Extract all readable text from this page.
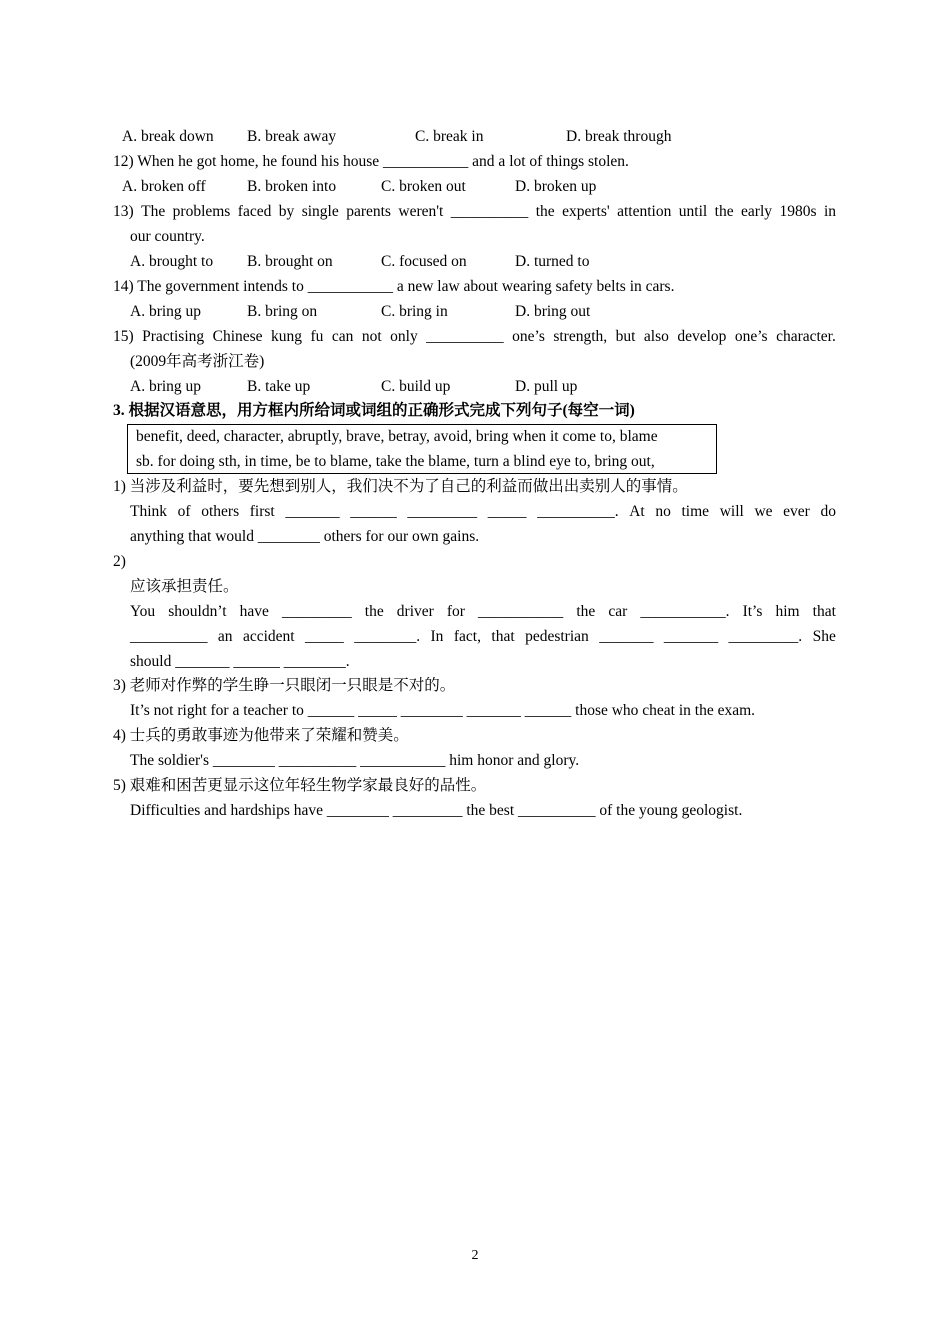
A. break down B. break away	C. break in	D. break through
12) When he got home, he found his house ___________ and a lot of things stolen.
A. broken off	B. broken into	C. broken out	D. broken up
13) The problems faced by single parents weren't __________ the experts' attention until the early 1980s in
our country.
A. brought to B. brought on	C. focused on	D. turned to
14) The government intends to ___________ a new law about wearing safety belts in cars.
A. bring up	B. bring on	C. bring in	D. bring out
15) Practising Chinese kung fu can not only __________ one’s strength, but also develop one’s character.
(2009年高考浙江卷)
A. bring up	B. take up	C. build up	D. pull up
3. 根据汉语意思，用方框内所给词或词组的正确形式完成下列句子(每空一词)
benefit, deed, character, abruptly, brave, betray, avoid, bring when it come to, blame
sb. for doing sth, in time, be to blame, take the blame, turn a blind eye to, bring out,
1) 当涉及利益时，要先想到别人，我们决不为了自己的利益而做出出卖别人的事情。
Think of others first _______ ______ _________ _____ __________. At no time will we ever do
anything that would ________ others for our own gains.
2)
应该承担责任。
You shouldn’t have _________ the driver for ___________ the car ___________. It’s him that
__________ an accident _____ ________. In fact, that pedestrian _______ _______ _________. She
should _______ ______ ________.
3) 老师对作弊的学生睁一只眼闭一只眼是不对的。
It’s not right for a teacher to ______ _____ ________ _______ ______ those who cheat in the exam.
4) 士兵的勇敢事迹为他带来了荣耀和赞美。
The soldier's ________ __________ ___________ him honor and glory.
5) 艰难和困苦更显示这位年轻生物学家最良好的品性。
Difficulties and hardships have ________ _________ the best __________ of the young geologist.
2
